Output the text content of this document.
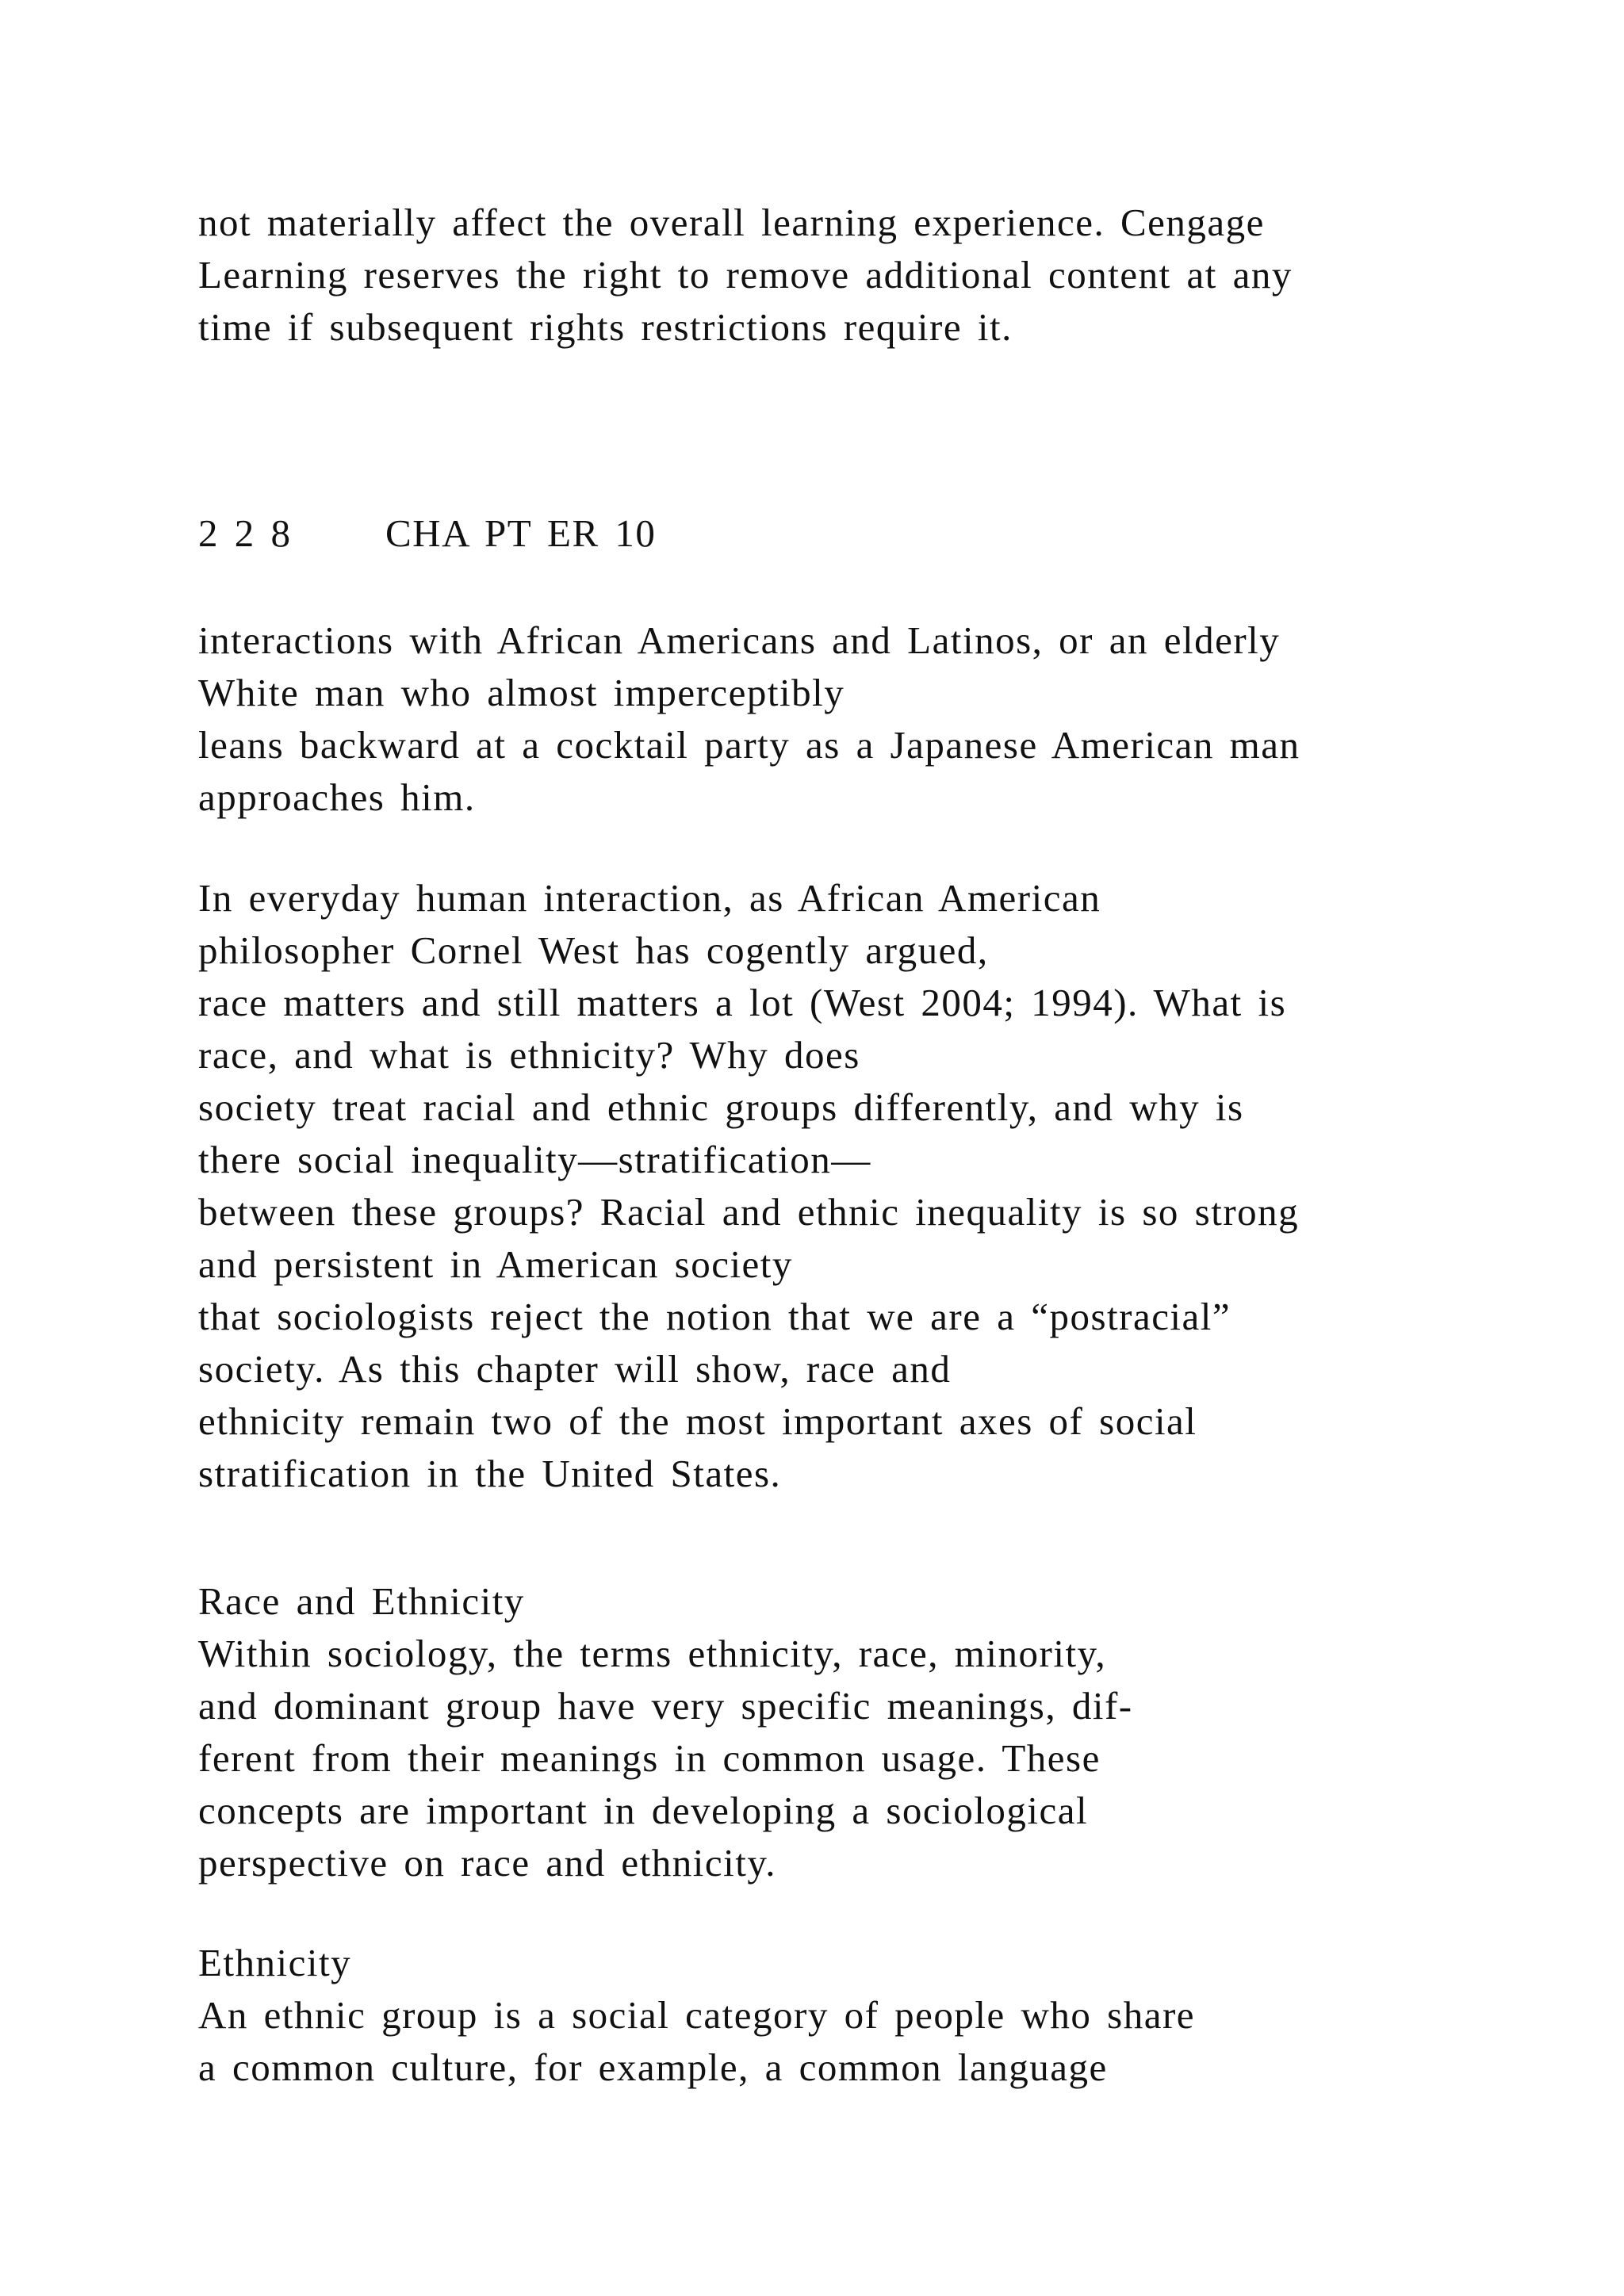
not materially affect the overall learning experience. Cengage
Learning reserves the right to remove additional content at any
time if subsequent rights restrictions require it.
2 2 8      CHA PT ER 10
interactions with African Americans and Latinos, or an elderly
White man who almost imperceptibly
leans backward at a cocktail party as a Japanese American man
approaches him.
In everyday human interaction, as African American
philosopher Cornel West has cogently argued,
race matters and still matters a lot (West 2004; 1994). What is
race, and what is ethnicity? Why does
society treat racial and ethnic groups differently, and why is
there social inequality—stratification—
between these groups? Racial and ethnic inequality is so strong
and persistent in American society
that sociologists reject the notion that we are a “postracial”
society. As this chapter will show, race and
ethnicity remain two of the most important axes of social
stratification in the United States.
Race and Ethnicity
Within sociology, the terms ethnicity, race, minority,
and dominant group have very specific meanings, dif-
ferent from their meanings in common usage. These
concepts are important in developing a sociological
perspective on race and ethnicity.
Ethnicity
An ethnic group is a social category of people who share
a common culture, for example, a common language
